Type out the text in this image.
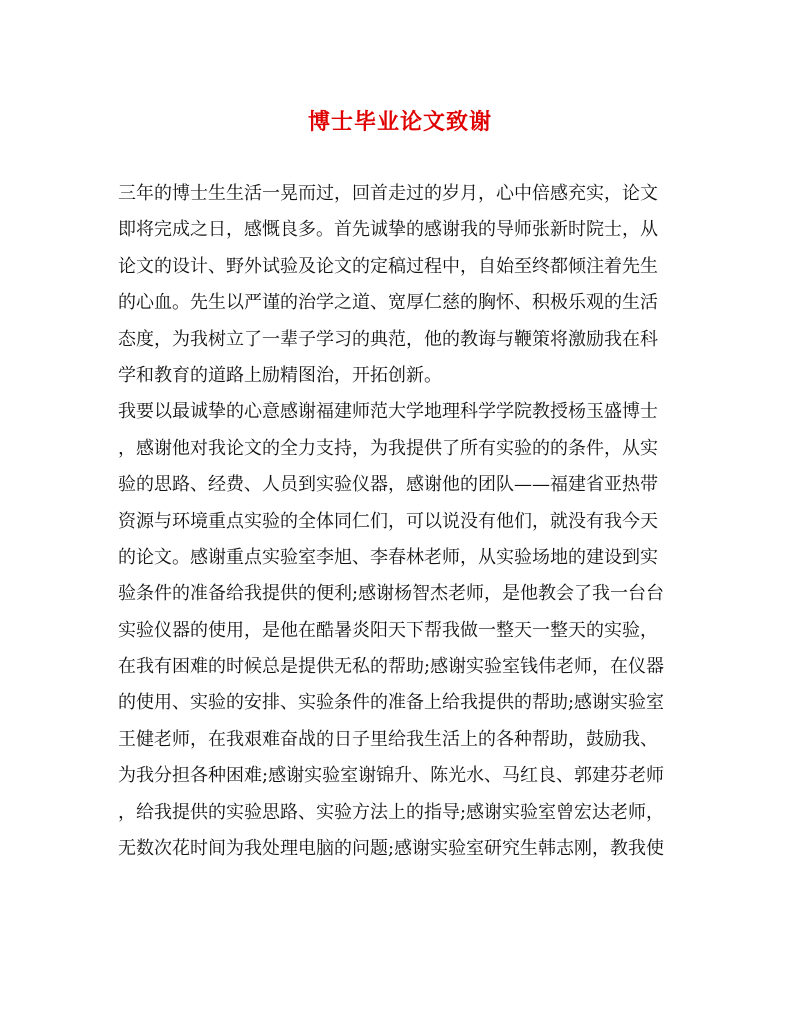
博士毕业论文致谢
三年的博士生生活一晃而过，回首走过的岁月，心中倍感充实，论文
即将完成之日，感慨良多。首先诚挚的感谢我的导师张新时院士，从
论文的设计、野外试验及论文的定稿过程中，自始至终都倾注着先生
的心血。先生以严谨的治学之道、宽厚仁慈的胸怀、积极乐观的生活
态度，为我树立了一辈子学习的典范，他的教诲与鞭策将激励我在科
学和教育的道路上励精图治，开拓创新。
我要以最诚挚的心意感谢福建师范大学地理科学学院教授杨玉盛博士
，感谢他对我论文的全力支持，为我提供了所有实验的的条件，从实
验的思路、经费、人员到实验仪器，感谢他的团队——福建省亚热带
资源与环境重点实验的全体同仁们，可以说没有他们，就没有我今天
的论文。感谢重点实验室李旭、李春林老师，从实验场地的建设到实
验条件的准备给我提供的便利;感谢杨智杰老师，是他教会了我一台台
实验仪器的使用，是他在酷暑炎阳天下帮我做一整天一整天的实验，
在我有困难的时候总是提供无私的帮助;感谢实验室钱伟老师，在仪器
的使用、实验的安排、实验条件的准备上给我提供的帮助;感谢实验室
王健老师，在我艰难奋战的日子里给我生活上的各种帮助，鼓励我、
为我分担各种困难;感谢实验室谢锦升、陈光水、马红良、郭建芬老师
，给我提供的实验思路、实验方法上的指导;感谢实验室曾宏达老师，
无数次花时间为我处理电脑的问题;感谢实验室研究生韩志刚，教我使
